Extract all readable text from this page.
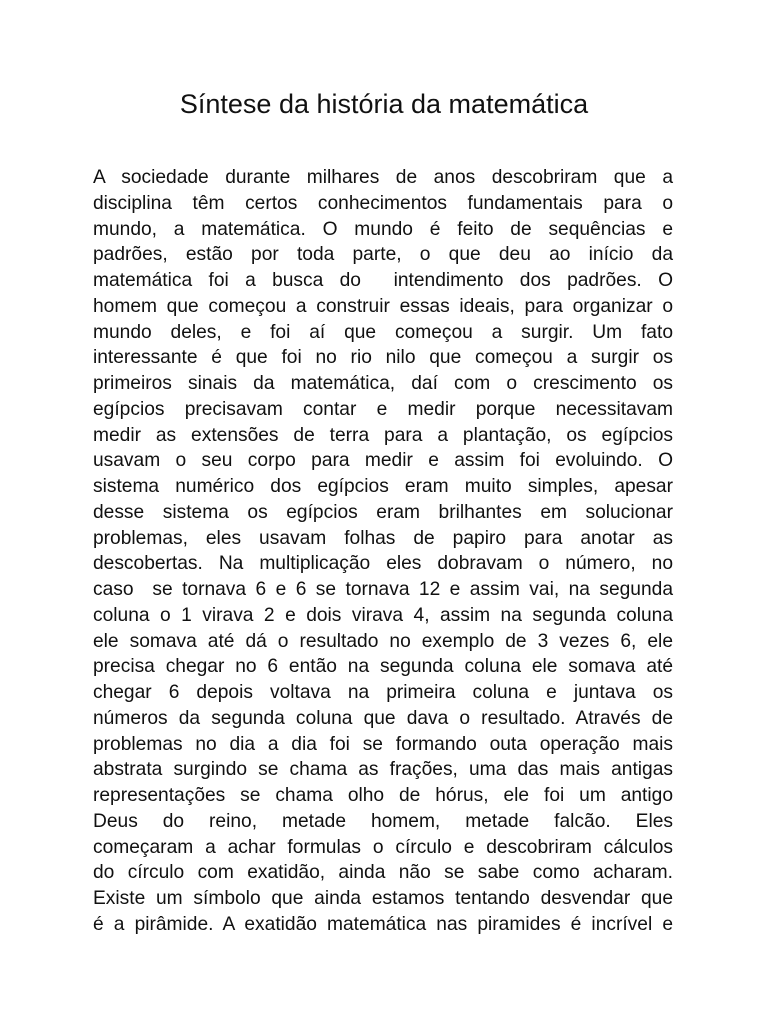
Síntese da história da matemática
A sociedade durante milhares de anos descobriram que a
disciplina têm certos conhecimentos fundamentais para o
mundo, a matemática. O mundo é feito de sequências e
padrões, estão por toda parte, o que deu ao início da
matemática foi a busca do  intendimento dos padrões. O
homem que começou a construir essas ideais, para organizar o
mundo deles, e foi aí que começou a surgir. Um fato
interessante é que foi no rio nilo que começou a surgir os
primeiros sinais da matemática, daí com o crescimento os
egípcios precisavam contar e medir porque necessitavam
medir as extensões de terra para a plantação, os egípcios
usavam o seu corpo para medir e assim foi evoluindo. O
sistema numérico dos egípcios eram muito simples, apesar
desse sistema os egípcios eram brilhantes em solucionar
problemas, eles usavam folhas de papiro para anotar as
descobertas. Na multiplicação eles dobravam o número, no
caso  se tornava 6 e 6 se tornava 12 e assim vai, na segunda
coluna o 1 virava 2 e dois virava 4, assim na segunda coluna
ele somava até dá o resultado no exemplo de 3 vezes 6, ele
precisa chegar no 6 então na segunda coluna ele somava até
chegar 6 depois voltava na primeira coluna e juntava os
números da segunda coluna que dava o resultado. Através de
problemas no dia a dia foi se formando outa operação mais
abstrata surgindo se chama as frações, uma das mais antigas
representações se chama olho de hórus, ele foi um antigo
Deus do reino, metade homem, metade falcão. Eles
começaram a achar formulas o círculo e descobriram cálculos
do círculo com exatidão, ainda não se sabe como acharam.
Existe um símbolo que ainda estamos tentando desvendar que
é a pirâmide. A exatidão matemática nas piramides é incrível e
